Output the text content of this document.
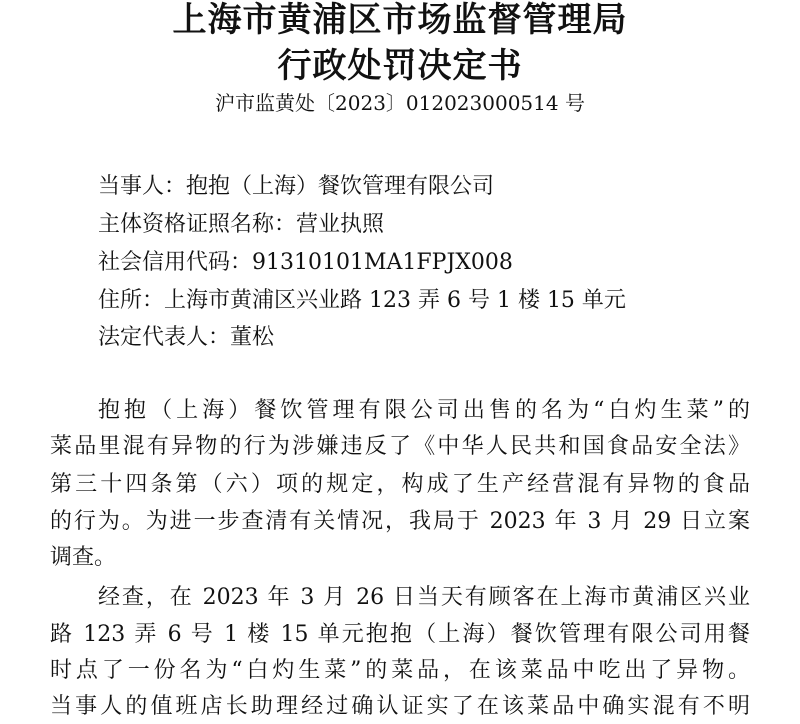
上海市黄浦区市场监督管理局
行政处罚决定书
沪市监黄处〔2023〕012023000514 号
当事人：抱抱（上海）餐饮管理有限公司
主体资格证照名称：营业执照
社会信用代码：91310101MA1FPJX008
住所：上海市黄浦区兴业路 123 弄 6 号 1 楼 15 单元
法定代表人：董松
抱抱（上海）餐饮管理有限公司出售的名为“白灼生菜”的
菜品里混有异物的行为涉嫌违反了《中华人民共和国食品安全法》
第三十四条第（六）项的规定，构成了生产经营混有异物的食品
的行为。为进一步查清有关情况，我局于 2023 年 3 月 29 日立案
调查。
经查，在 2023 年 3 月 26 日当天有顾客在上海市黄浦区兴业
路 123 弄 6 号 1 楼 15 单元抱抱（上海）餐饮管理有限公司用餐
时点了一份名为“白灼生菜”的菜品，在该菜品中吃出了异物。
当事人的值班店长助理经过确认证实了在该菜品中确实混有不明
